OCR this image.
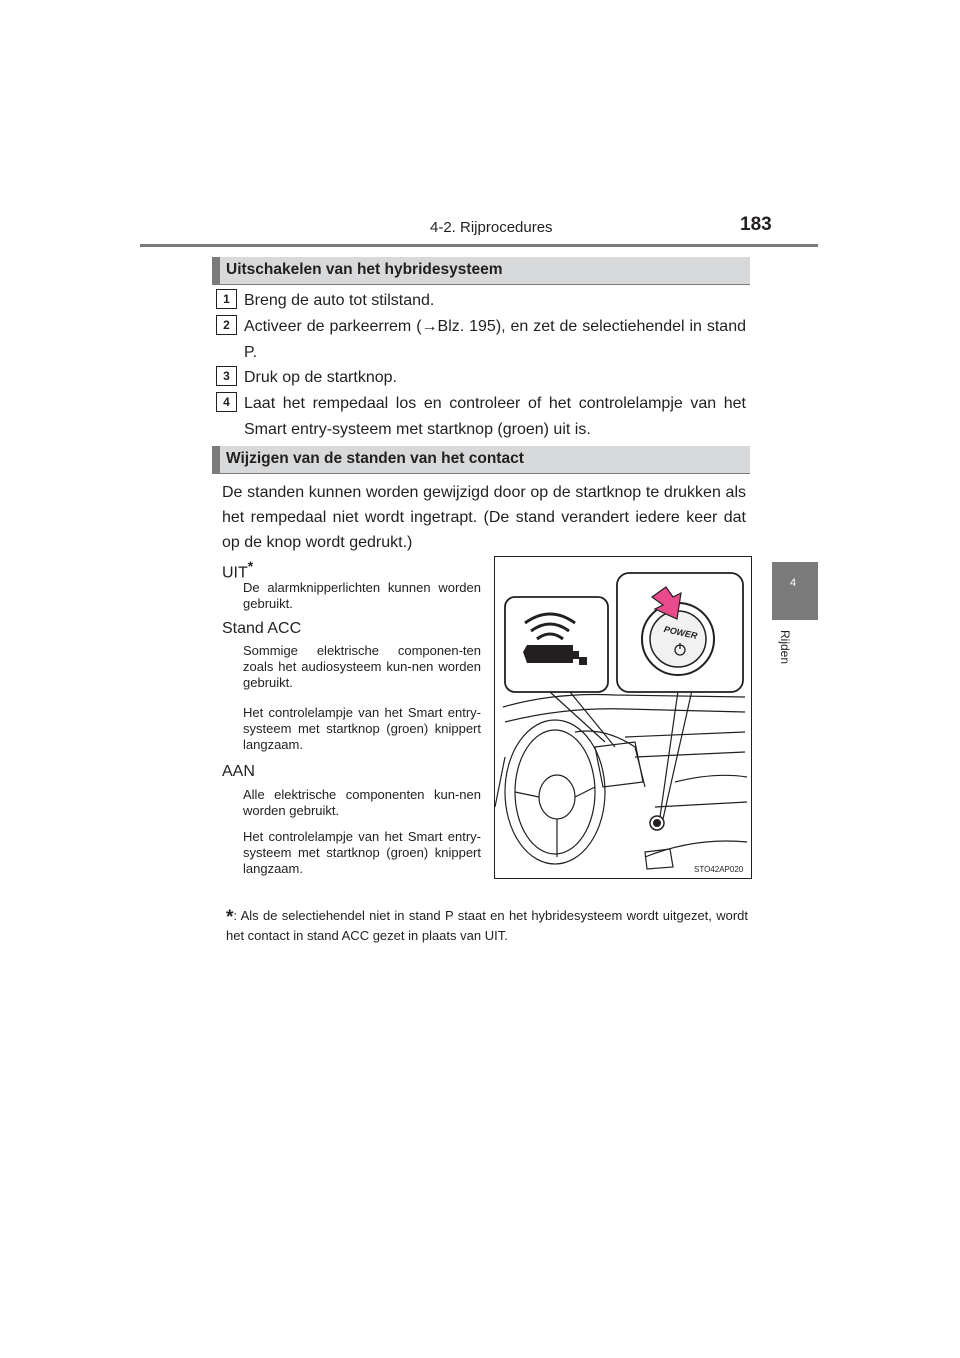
4-2. Rijprocedures	183
4
Rijden
Uitschakelen van het hybridesysteem
1 Breng de auto tot stilstand.
2 Activeer de parkeerrem (→Blz. 195), en zet de selectiehendel in stand P.
3 Druk op de startknop.
4 Laat het rempedaal los en controleer of het controlelampje van het Smart entry-systeem met startknop (groen) uit is.
Wijzigen van de standen van het contact
De standen kunnen worden gewijzigd door op de startknop te drukken als het rempedaal niet wordt ingetrapt. (De stand verandert iedere keer dat op de knop wordt gedrukt.)
UIT*
De alarmknipperlichten kunnen worden gebruikt.
Stand ACC
Sommige elektrische componen-ten zoals het audiosysteem kun-nen worden gebruikt.
Het controlelampje van het Smart entry-systeem met startknop (groen) knippert langzaam.
AAN
Alle elektrische componenten kun-nen worden gebruikt.
Het controlelampje van het Smart entry-systeem met startknop (groen) knippert langzaam.
POWER
STO42AP020
*: Als de selectiehendel niet in stand P staat en het hybridesysteem wordt uitgezet, wordt het contact in stand ACC gezet in plaats van UIT.
